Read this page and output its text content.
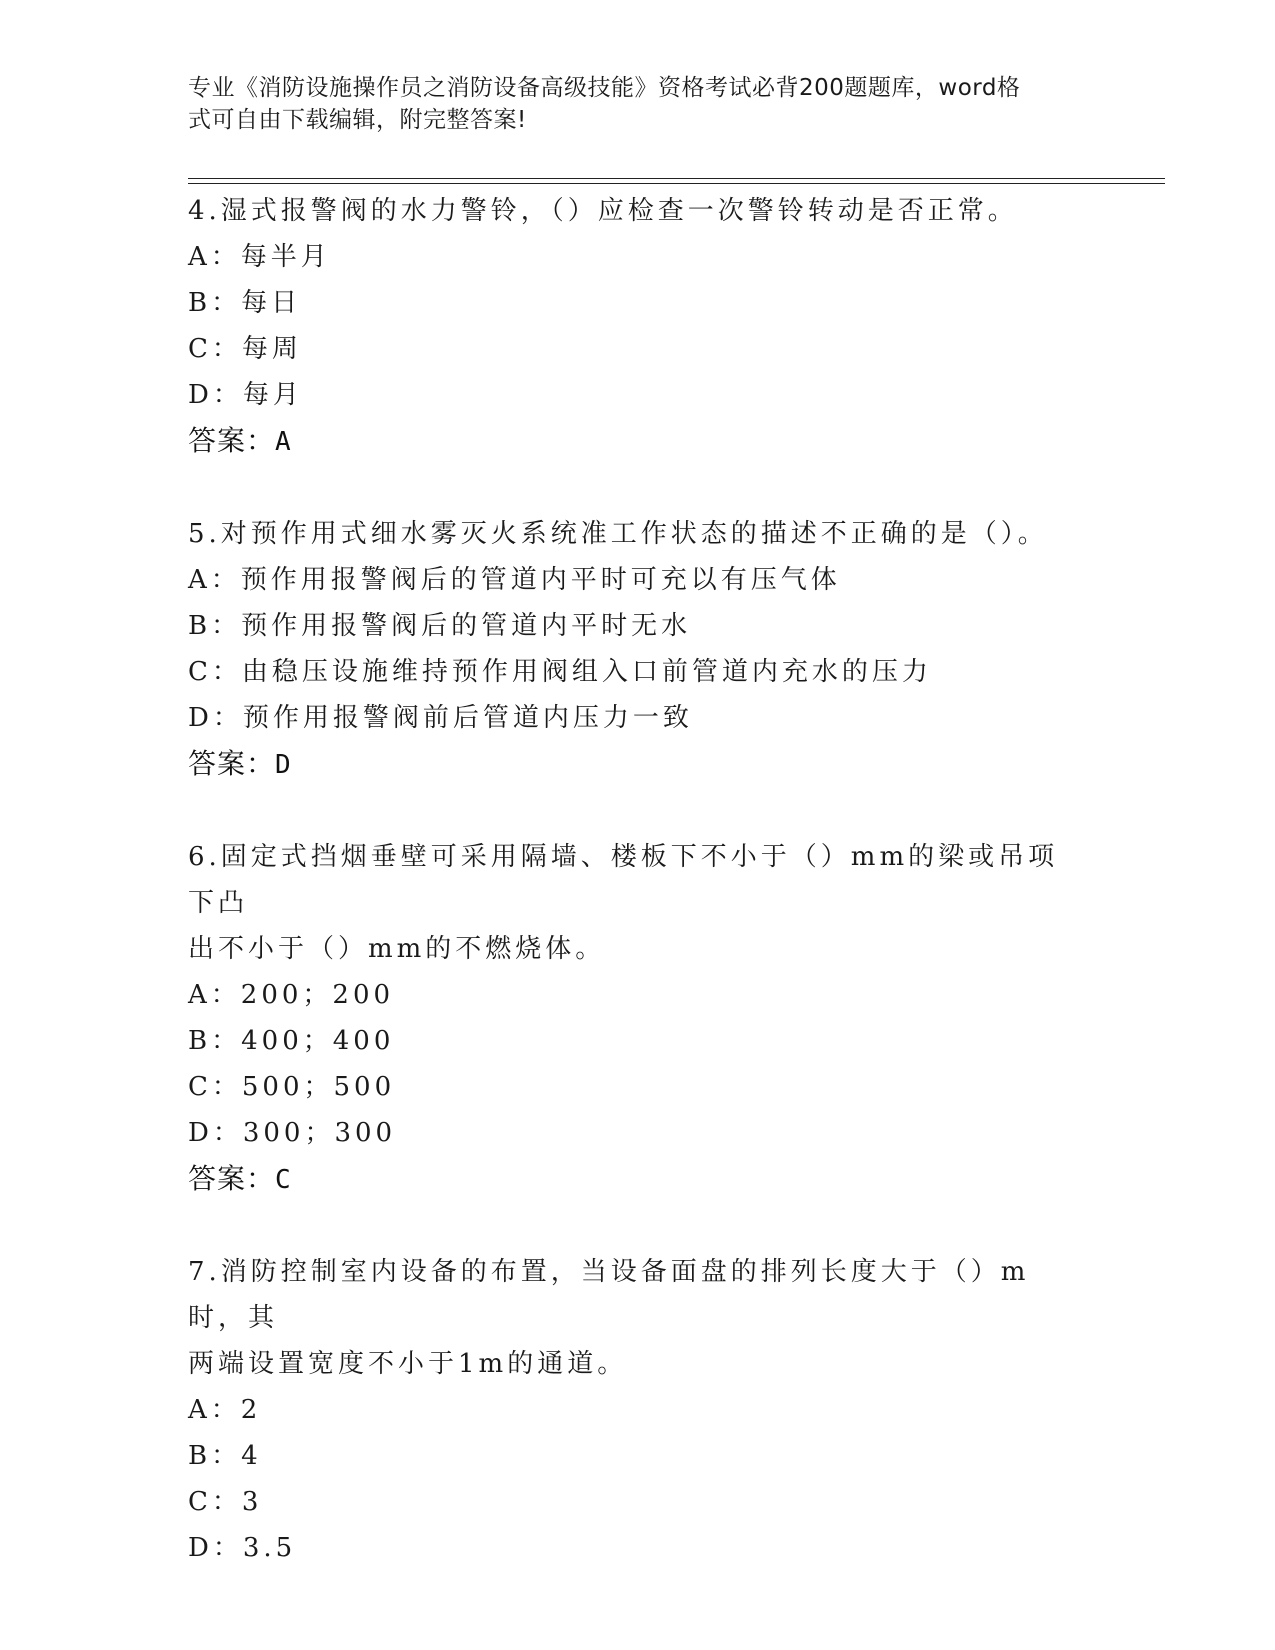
专业《消防设施操作员之消防设备高级技能》资格考试必背200题题库，word格
式可自由下载编辑，附完整答案!
4.湿式报警阀的水力警铃，（）应检查一次警铃转动是否正常。
A：每半月
B：每日
C：每周
D：每月
答案：A
5.对预作用式细水雾灭火系统准工作状态的描述不正确的是（）。
A：预作用报警阀后的管道内平时可充以有压气体
B：预作用报警阀后的管道内平时无水
C：由稳压设施维持预作用阀组入口前管道内充水的压力
D：预作用报警阀前后管道内压力一致
答案：D
6.固定式挡烟垂壁可采用隔墙、楼板下不小于（）mm的梁或吊项下凸
出不小于（）mm的不燃烧体。
A：200；200
B：400；400
C：500；500
D：300；300
答案：C
7.消防控制室内设备的布置，当设备面盘的排列长度大于（）m时，其
两端设置宽度不小于1m的通道。
A：2
B：4
C：3
D：3.5
